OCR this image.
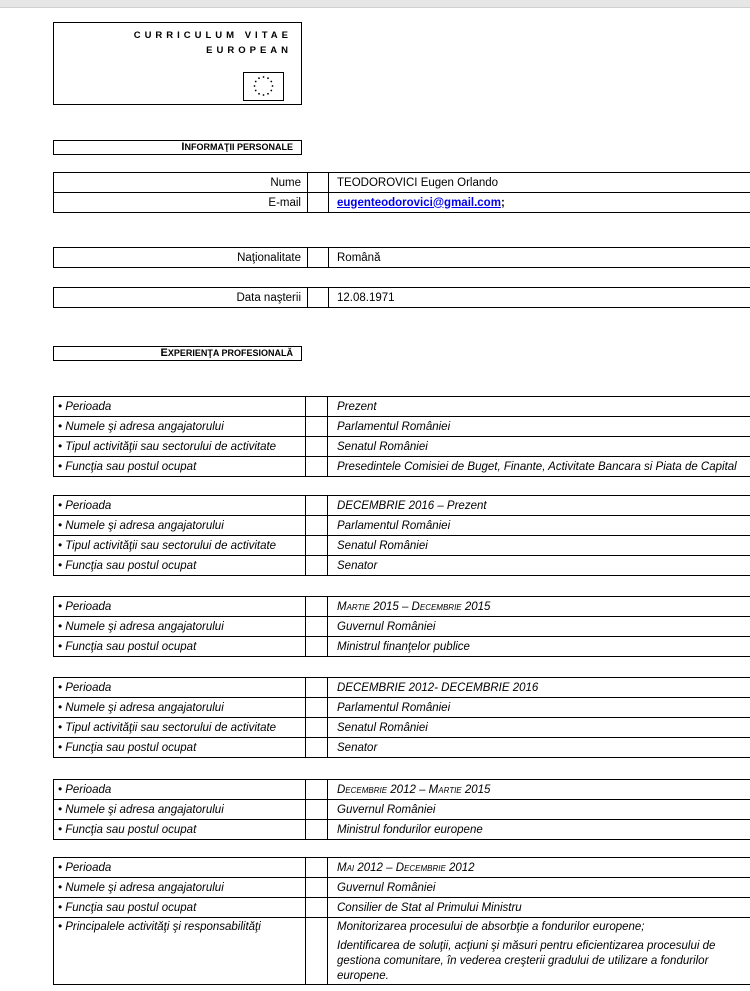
CURRICULUM VITAE
EUROPEAN
INFORMAŢII PERSONALE
Nume		TEODOROVICI Eugen Orlando
E-mail		eugenteodorovici@gmail.com;
Naţionalitate		Română
Data naşterii		12.08.1971
EXPERIENŢA PROFESIONALĂ
• Perioada		Prezent
• Numele şi adresa angajatorului		Parlamentul României
• Tipul activităţii sau sectorului de activitate		Senatul României
• Funcţia sau postul ocupat		Presedintele Comisiei de Buget, Finante, Activitate Bancara si Piata de Capital
• Perioada		DECEMBRIE 2016 – Prezent
• Numele şi adresa angajatorului		Parlamentul României
• Tipul activităţii sau sectorului de activitate		Senatul României
• Funcţia sau postul ocupat		Senator
• Perioada		Martie 2015 – Decembrie 2015
• Numele şi adresa angajatorului		Guvernul României
• Funcţia sau postul ocupat		Ministrul finanţelor publice
• Perioada		DECEMBRIE 2012- DECEMBRIE 2016
• Numele şi adresa angajatorului		Parlamentul României
• Tipul activităţii sau sectorului de activitate		Senatul României
• Funcţia sau postul ocupat		Senator
• Perioada		Decembrie 2012 – Martie 2015
• Numele şi adresa angajatorului		Guvernul României
• Funcţia sau postul ocupat		Ministrul fondurilor europene
• Perioada		Mai 2012 – Decembrie 2012
• Numele şi adresa angajatorului		Guvernul României
• Funcţia sau postul ocupat		Consilier de Stat al Primului Ministru
• Principalele activităţi şi responsabilităţi		Monitorizarea procesului de absorbţie a fondurilor europene;
Identificarea de soluţii, acţiuni şi măsuri pentru eficientizarea procesului de gestiona comunitare, în vederea creşterii gradului de utilizare a fondurilor europene.
